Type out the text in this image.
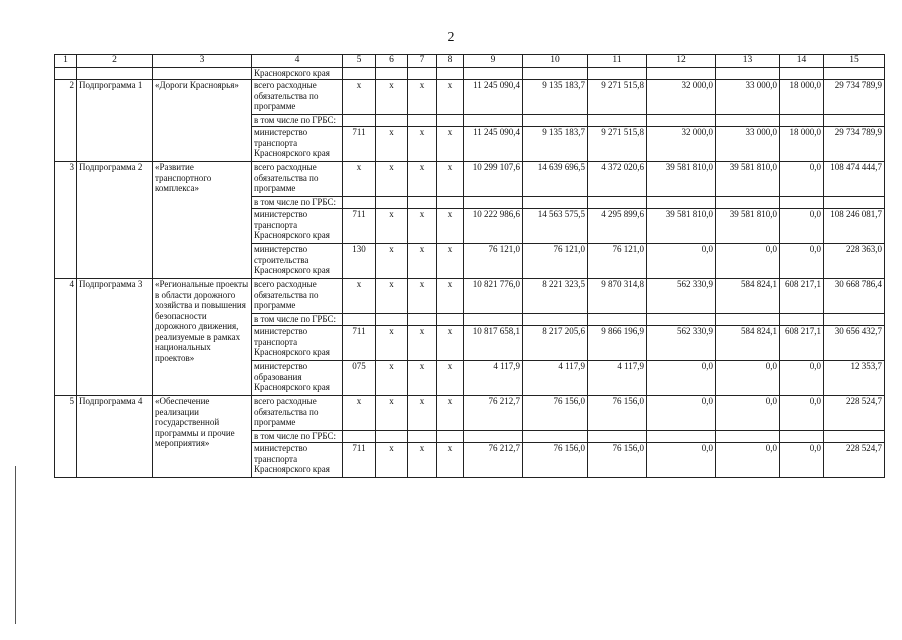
2
1	2	3	4	5	6	7	8	9	10	11	12	13	14	15
			Красноярского края											
2	Подпрограмма 1	«Дороги Красноярья»	всего расходные обязательства по программе	х	х	х	х	11 245 090,4	9 135 183,7	9 271 515,8	32 000,0	33 000,0	18 000,0	29 734 789,9
			в том числе по ГРБС:											
			министерство транспорта Красноярского края	711	х	х	х	11 245 090,4	9 135 183,7	9 271 515,8	32 000,0	33 000,0	18 000,0	29 734 789,9
3	Подпрограмма 2	«Развитие транспортного комплекса»	всего расходные обязательства по программе	х	х	х	х	10 299 107,6	14 639 696,5	4 372 020,6	39 581 810,0	39 581 810,0	0,0	108 474 444,7
			в том числе по ГРБС:											
			министерство транспорта Красноярского края	711	х	х	х	10 222 986,6	14 563 575,5	4 295 899,6	39 581 810,0	39 581 810,0	0,0	108 246 081,7
			министерство строительства Красноярского края	130	х	х	х	76 121,0	76 121,0	76 121,0	0,0	0,0	0,0	228 363,0
4	Подпрограмма 3	«Региональные проекты в области дорожного хозяйства и повышения безопасности дорожного движения, реализуемые в рамках национальных проектов»	всего расходные обязательства по программе	х	х	х	х	10 821 776,0	8 221 323,5	9 870 314,8	562 330,9	584 824,1	608 217,1	30 668 786,4
			в том числе по ГРБС:											
			министерство транспорта Красноярского края	711	х	х	х	10 817 658,1	8 217 205,6	9 866 196,9	562 330,9	584 824,1	608 217,1	30 656 432,7
			министерство образования Красноярского края	075	х	х	х	4 117,9	4 117,9	4 117,9	0,0	0,0	0,0	12 353,7
5	Подпрограмма 4	«Обеспечение реализации государственной программы и прочие мероприятия»	всего расходные обязательства по программе	х	х	х	х	76 212,7	76 156,0	76 156,0	0,0	0,0	0,0	228 524,7
			в том числе по ГРБС:											
			министерство транспорта Красноярского края	711	х	х	х	76 212,7	76 156,0	76 156,0	0,0	0,0	0,0	228 524,7
